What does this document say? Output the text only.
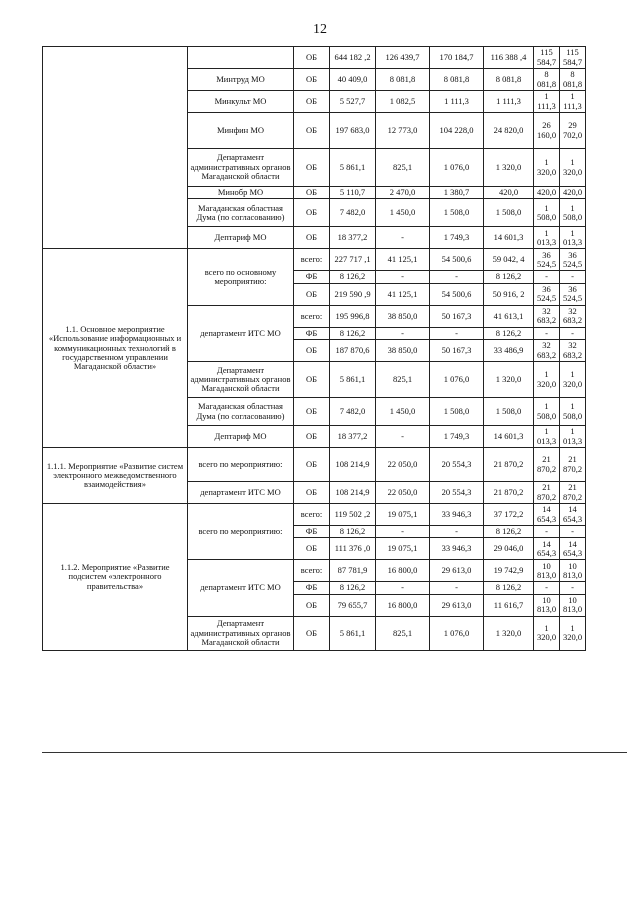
12
		ОБ	644 182 ,2	126 439,7	170 184,7	116 388 ,4	115 584,7	115 584,7
	Минтруд МО	ОБ	40 409,0	8 081,8	8 081,8	8 081,8	8 081,8	8 081,8
	Минкульт МО	ОБ	5 527,7	1 082,5	1 111,3	1 111,3	1 111,3	1 111,3
	Минфин МО	ОБ	197 683,0	12 773,0	104 228,0	24 820,0	26 160,0	29 702,0
	Департамент административных органов Магаданской области	ОБ	5 861,1	825,1	1 076,0	1 320,0	1 320,0	1 320,0
	Минобр МО	ОБ	5 110,7	2 470,0	1 380,7	420,0	420,0	420,0
	Магаданская областная Дума (по согласованию)	ОБ	7 482,0	1 450,0	1 508,0	1 508,0	1 508,0	1 508,0
	Дептариф МО	ОБ	18 377,2	-	1 749,3	14 601,3	1 013,3	1 013,3
1.1. Основное мероприятие «Использование информационных и коммуникационных технологий в государственном управлении Магаданской области»	всего по основному мероприятию:	всего:	227 717 ,1	41 125,1	54 500,6	59 042, 4	36 524,5	36 524,5
		ФБ	8 126,2	-	-	8 126,2	-	-
		ОБ	219 590 ,9	41 125,1	54 500,6	50 916, 2	36 524,5	36 524,5
	департамент ИТС МО	всего:	195 996,8	38 850,0	50 167,3	41 613,1	32 683,2	32 683,2
		ФБ	8 126,2	-	-	8 126,2	-	-
		ОБ	187 870,6	38 850,0	50 167,3	33 486,9	32 683,2	32 683,2
	Департамент административных органов Магаданской области	ОБ	5 861,1	825,1	1 076,0	1 320,0	1 320,0	1 320,0
	Магаданская областная Дума (по согласованию)	ОБ	7 482,0	1 450,0	1 508,0	1 508,0	1 508,0	1 508,0
	Дептариф МО	ОБ	18 377,2	-	1 749,3	14 601,3	1 013,3	1 013,3
1.1.1. Мероприятие «Развитие систем электронного межведомственного взаимодействия»	всего по мероприятию:	ОБ	108 214,9	22 050,0	20 554,3	21 870,2	21 870,2	21 870,2
	департамент ИТС МО	ОБ	108 214,9	22 050,0	20 554,3	21 870,2	21 870,2	21 870,2
1.1.2. Мероприятие «Развитие подсистем «электронного правительства»	всего по мероприятию:	всего:	119 502 ,2	19 075,1	33 946,3	37 172,2	14 654,3	14 654,3
		ФБ	8 126,2	-	-	8 126,2	-	-
		ОБ	111 376 ,0	19 075,1	33 946,3	29 046,0	14 654,3	14 654,3
	департамент ИТС МО	всего:	87 781,9	16 800,0	29 613,0	19 742,9	10 813,0	10 813,0
		ФБ	8 126,2	-	-	8 126,2	-	-
		ОБ	79 655,7	16 800,0	29 613,0	11 616,7	10 813,0	10 813,0
	Департамент административных органов Магаданской области	ОБ	5 861,1	825,1	1 076,0	1 320,0	1 320,0	1 320,0
